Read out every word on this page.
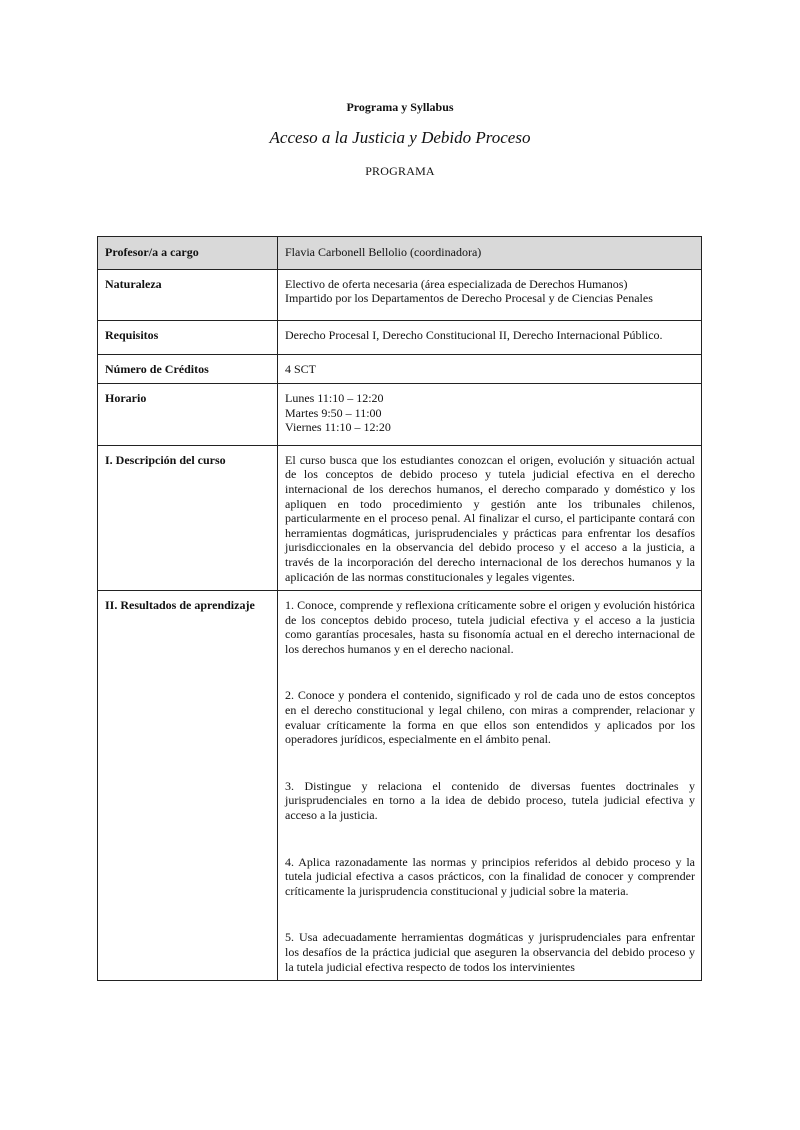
Programa y Syllabus
Acceso a la Justicia y Debido Proceso
PROGRAMA
Profesor/a a cargo	Flavia Carbonell Bellolio (coordinadora)
Naturaleza	Electivo de oferta necesaria (área especializada de Derechos Humanos)
Impartido por los Departamentos de Derecho Procesal y de Ciencias Penales

Requisitos	Derecho Procesal I, Derecho Constitucional II, Derecho Internacional Público.
Número de Créditos	4 SCT
Horario	Lunes 11:10 – 12:20
Martes 9:50 – 11:00
Viernes 11:10 – 12:20

I. Descripción del curso	El curso busca que los estudiantes conozcan el origen, evolución y situación actual de los conceptos de debido proceso y tutela judicial efectiva en el derecho internacional de los derechos humanos, el derecho comparado y doméstico y los apliquen en todo procedimiento y gestión ante los tribunales chilenos, particularmente en el proceso penal. Al finalizar el curso, el participante contará con herramientas dogmáticas, jurisprudenciales y prácticas para enfrentar los desafíos jurisdiccionales en la observancia del debido proceso y el acceso a la justicia, a través de la incorporación del derecho internacional de los derechos humanos y la aplicación de las normas constitucionales y legales vigentes.
II. Resultados de aprendizaje	1. Conoce, comprende y reflexiona críticamente sobre el origen y evolución histórica de los conceptos debido proceso, tutela judicial efectiva y el acceso a la justicia como garantías procesales, hasta su fisonomía actual en el derecho internacional de los derechos humanos y en el derecho nacional.
2. Conoce y pondera el contenido, significado y rol de cada uno de estos conceptos en el derecho constitucional y legal chileno, con miras a comprender, relacionar y evaluar críticamente la forma en que ellos son entendidos y aplicados por los operadores jurídicos, especialmente en el ámbito penal.
3. Distingue y relaciona el contenido de diversas fuentes doctrinales y jurisprudenciales en torno a la idea de debido proceso, tutela judicial efectiva y acceso a la justicia.
4. Aplica razonadamente las normas y principios referidos al debido proceso y la tutela judicial efectiva a casos prácticos, con la finalidad de conocer y comprender críticamente la jurisprudencia constitucional y judicial sobre la materia.
5. Usa adecuadamente herramientas dogmáticas y jurisprudenciales para enfrentar los desafíos de la práctica judicial que aseguren la observancia del debido proceso y la tutela judicial efectiva respecto de todos los intervinientes
